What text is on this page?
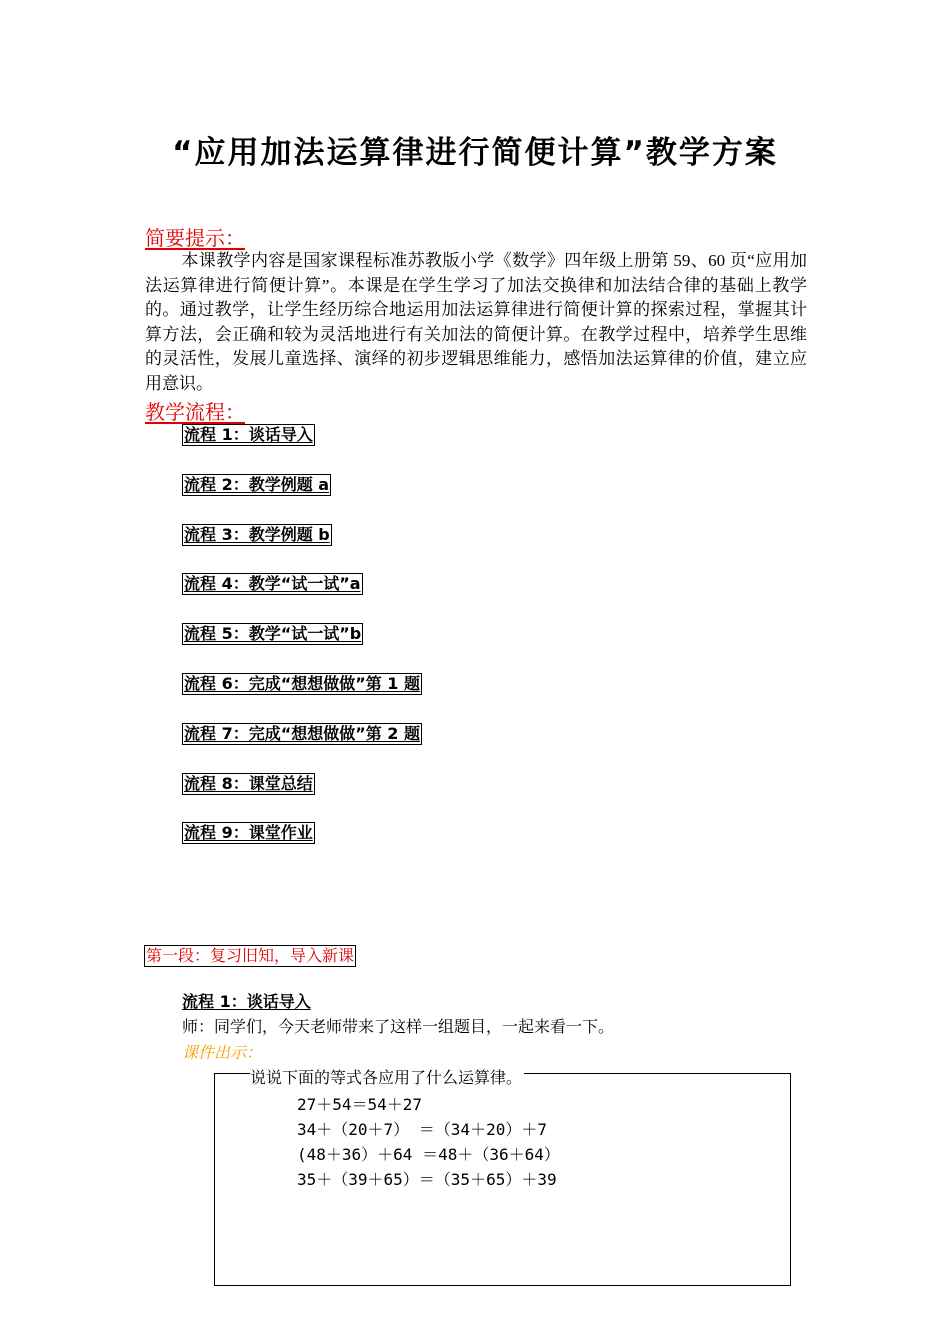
“应用加法运算律进行简便计算”教学方案
简要提示：

本课教学内容是国家课程标准苏教版小学《数学》四年级上册第 59、60 页“应用加法运算律进行简便计算”。本课是在学生学习了加法交换律和加法结合律的基础上教学的。通过教学，让学生经历综合地运用加法运算律进行简便计算的探索过程，掌握其计算方法，会正确和较为灵活地进行有关加法的简便计算。在教学过程中，培养学生思维的灵活性，发展儿童选择、演绎的初步逻辑思维能力，感悟加法运算律的价值，建立应用意识。

教学流程：
流程 1：谈话导入
流程 2：教学例题 a
流程 3：教学例题 b
流程 4：教学“试一试”a
流程 5：教学“试一试”b
流程 6：完成“想想做做”第 1 题
流程 7：完成“想想做做”第 2 题
流程 8：课堂总结
流程 9：课堂作业
第一段：复习旧知，导入新课
流程 1：谈话导入
师：同学们，今天老师带来了这样一组题目，一起来看一下。
课件出示：
说说下面的等式各应用了什么运算律。
27＋54＝54＋27
34＋（20＋7） ＝（34＋20）＋7
(48＋36）＋64 ＝48＋（36＋64）
35＋（39＋65）＝（35＋65）＋39
